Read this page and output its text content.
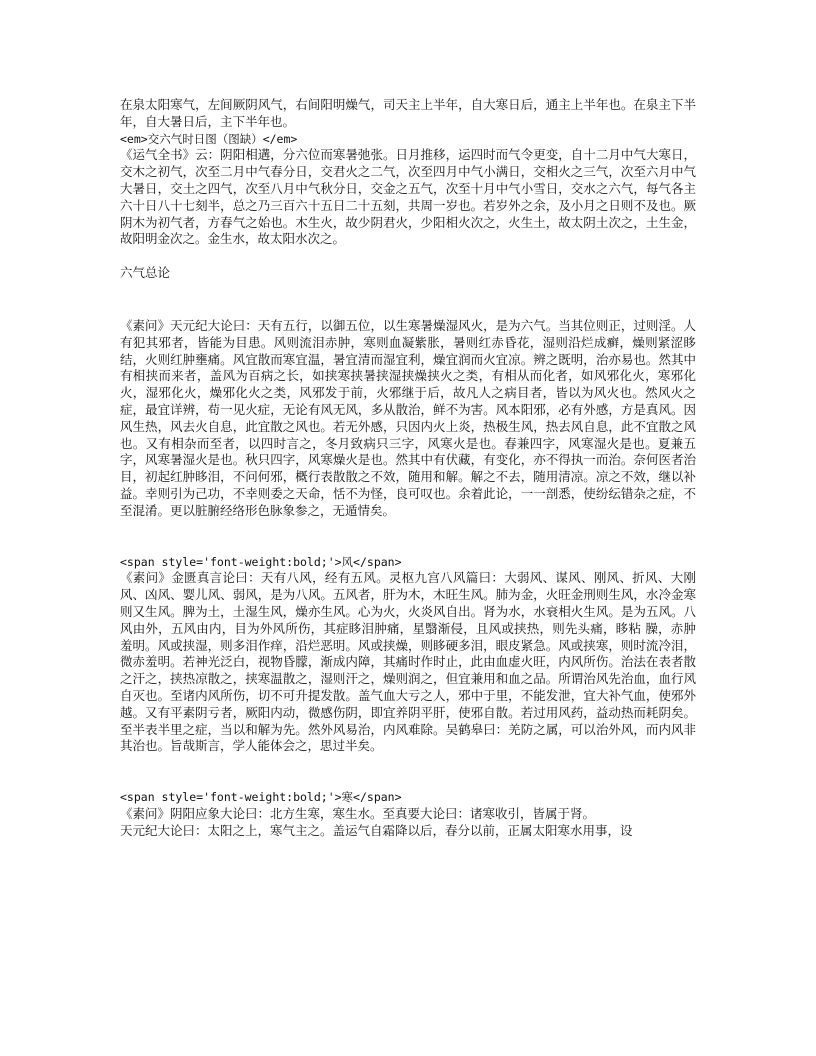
在泉太阳寒气，左间厥阴风气，右间阳明燥气，司天主上半年，自大寒日后，通主上半年也。在泉主下半年，自大暑日后，主下半年也。

<em>交六气时日图（图缺）</em>

《运气全书》云：阴阳相遘，分六位而寒暑弛张。日月推移，运四时而气令更变，自十二月中气大寒日，交木之初气，次至二月中气春分日，交君火之二气，次至四月中气小满日，交相火之三气，次至六月中气大暑日，交土之四气，次至八月中气秋分日，交金之五气，次至十月中气小雪日，交水之六气，每气各主六十日八十七刻半，总之乃三百六十五日二十五刻，共周一岁也。若岁外之余，及小月之日则不及也。厥阴木为初气者，方春气之始也。木生火，故少阴君火，少阳相火次之，火生土，故太阴土次之，土生金，故阳明金次之。金生水，故太阳水次之。

六气总论

《素问》天元纪大论曰：天有五行，以御五位，以生寒暑燥湿风火，是为六气。当其位则正，过则淫。人有犯其邪者，皆能为目患。风则流泪赤肿，寒则血凝紫胀，暑则红赤昏花，湿则沿烂成癣，燥则紧涩眵结，火则红肿壅痛。风宜散而寒宜温，暑宜清而湿宜利，燥宜润而火宜凉。辨之既明，治亦易也。然其中有相挟而来者，盖风为百病之长，如挟寒挟暑挟湿挟燥挟火之类，有相从而化者，如风邪化火，寒邪化火，湿邪化火，燥邪化火之类，风邪发于前，火邪继于后，故凡人之病目者，皆以为风火也。然风火之症，最宜详辨，苟一见火症，无论有风无风，多从散治，鲜不为害。风本阳邪，必有外感，方是真风。因风生热，风去火自息，此宜散之风也。若无外感，只因内火上炎，热极生风，热去风自息，此不宜散之风也。又有相杂而至者，以四时言之，冬月致病只三字，风寒火是也。春兼四字，风寒湿火是也。夏兼五字，风寒暑湿火是也。秋只四字，风寒燥火是也。然其中有伏藏，有变化，亦不得执一而治。奈何医者治目，初起红肿眵泪，不问何邪，概行表散散之不效，随用和解。解之不去，随用清凉。凉之不效，继以补益。幸则引为己功，不幸则委之天命，恬不为怪，良可叹也。余着此论，一一剖悉，使纷纭错杂之症，不至混淆。更以脏腑经络形色脉象参之，无遁情矣。

<span style='font-weight:bold;'>风</span>

《素问》金匮真言论曰：天有八风，经有五风。灵枢九宫八风篇曰：大弱风、谋风、刚风、折风、大刚风、凶风、婴儿风、弱风，是为八风。五风者，肝为木，木旺生风。肺为金，火旺金刑则生风，水冷金寒则又生风。脾为土，土湿生风，燥亦生风。心为火，火炎风自出。肾为水，水衰相火生风。是为五风。八风由外，五风由内，目为外风所伤，其症眵泪肿痛，星翳渐侵，且风或挟热，则先头痛，眵粘 臊，赤肿羞明。风或挟湿，则多泪作痒，沿烂恶明。风或挟燥，则眵硬多泪，眼皮紧急。风或挟寒，则时流冷泪，微赤羞明。若神光泛白，视物昏朦，渐成内障，其痛时作时止，此由血虚火旺，内风所伤。治法在表者散之汗之，挟热凉散之，挟寒温散之，湿则汗之，燥则润之，但宜兼用和血之品。所谓治风先治血，血行风自灭也。至诸内风所伤，切不可升提发散。盖气血大亏之人，邪中于里，不能发泄，宜大补气血，使邪外越。又有平素阴亏者，厥阳内动，微感伤阴，即宜养阴平肝，使邪自散。若过用风药，益动热而耗阴矣。至半表半里之症，当以和解为先。然外风易治，内风难除。吴鹤皋曰：羌防之属，可以治外风，而内风非其治也。旨哉斯言，学人能体会之，思过半矣。

<span style='font-weight:bold;'>寒</span>

《素问》阴阳应象大论曰：北方生寒，寒生水。至真要大论曰：诸寒收引，皆属于肾。

天元纪大论曰：太阳之上，寒气主之。盖运气自霜降以后，春分以前，正属太阳寒水用事，设
